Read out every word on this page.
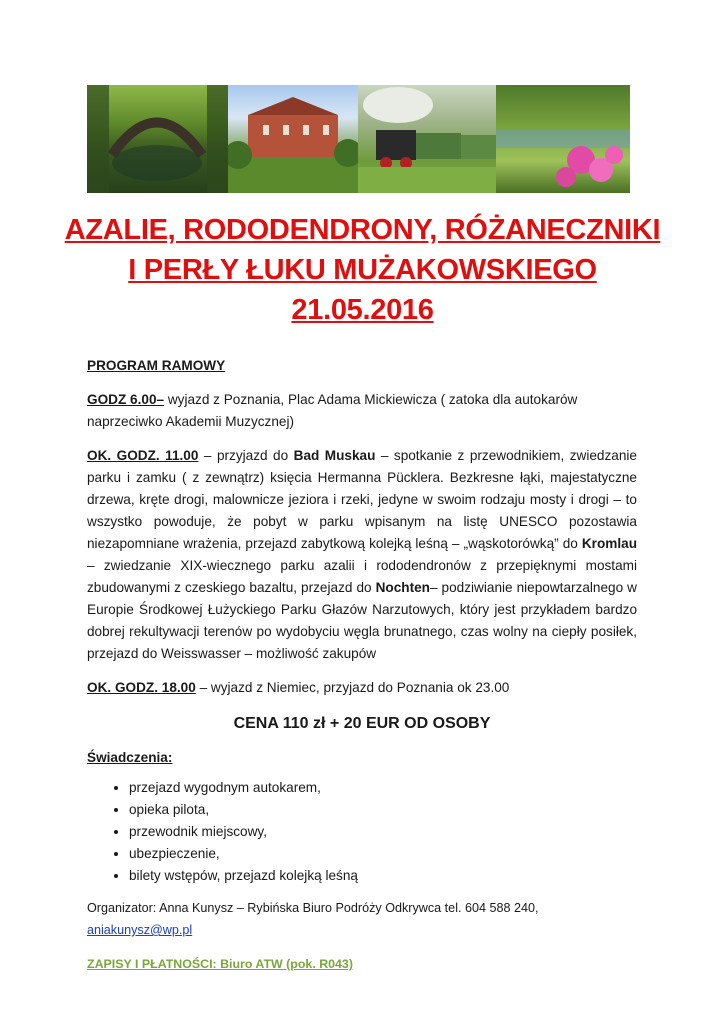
AZALIE, RODODENDRONY, RÓŻANECZNIKI
I PERŁY ŁUKU MUŻAKOWSKIEGO
21.05.2016
PROGRAM RAMOWY

GODZ 6.00– wyjazd z Poznania, Plac Adama Mickiewicza ( zatoka dla autokarów naprzeciwko Akademii Muzycznej)

OK. GODZ. 11.00 – przyjazd do Bad Muskau – spotkanie z przewodnikiem, zwiedzanie parku i zamku ( z zewnątrz) księcia Hermanna Pücklera. Bezkresne łąki, majestatyczne drzewa, kręte drogi, malownicze jeziora i rzeki, jedyne w swoim rodzaju mosty i drogi – to wszystko powoduje, że pobyt w parku wpisanym na listę UNESCO pozostawia niezapomniane wrażenia, przejazd zabytkową kolejką leśną – „wąskotorówką” do Kromlau – zwiedzanie XIX-wiecznego parku azalii i rododendronów z przepięknymi mostami zbudowanymi z czeskiego bazaltu, przejazd do Nochten– podziwianie niepowtarzalnego w Europie Środkowej Łużyckiego Parku Głazów Narzutowych, który jest przykładem bardzo dobrej rekultywacji terenów po wydobyciu węgla brunatnego, czas wolny na ciepły posiłek, przejazd do Weisswasser – możliwość zakupów

OK. GODZ. 18.00 – wyjazd z Niemiec, przyjazd do Poznania ok 23.00

CENA 110 zł + 20 EUR OD OSOBY
Świadczenia:
• przejazd wygodnym autokarem,
• opieka pilota,
• przewodnik miejscowy,
• ubezpieczenie,
• bilety wstępów, przejazd kolejką leśną
Organizator: Anna Kunysz – Rybińska Biuro Podróży Odkrywca tel. 604 588 240, aniakunysz@wp.pl
ZAPISY I PŁATNOŚCI: Biuro ATW (pok. R043)
